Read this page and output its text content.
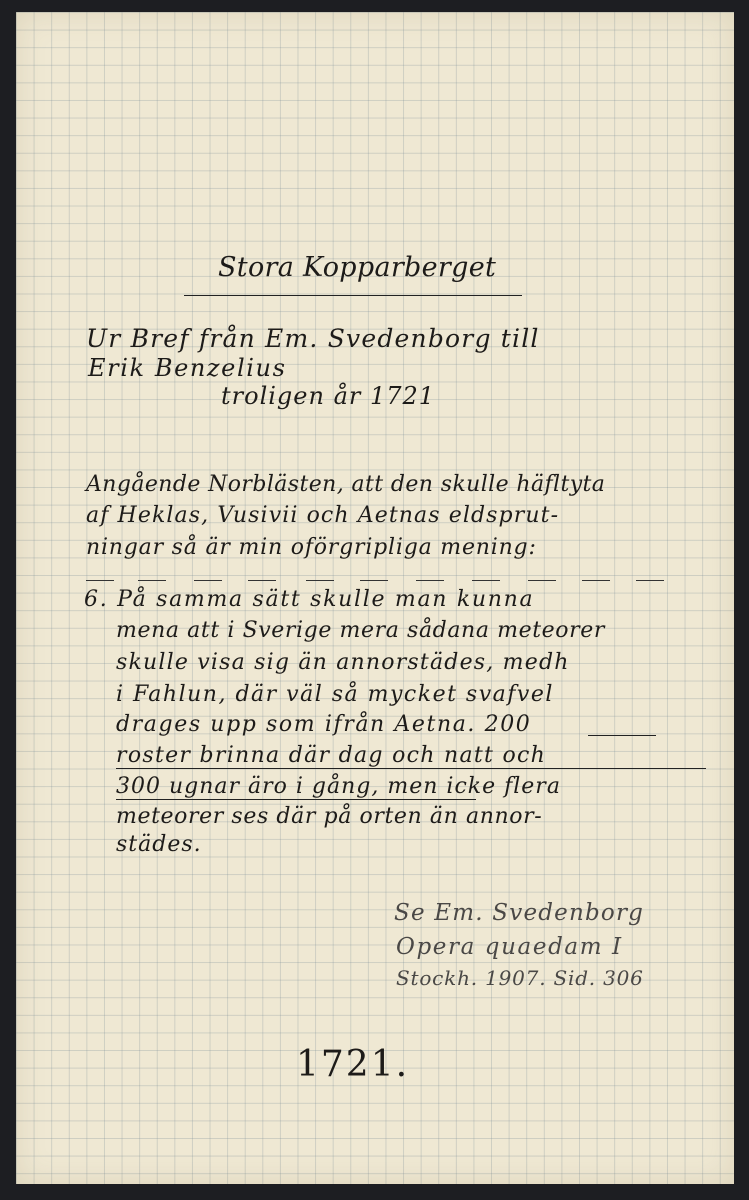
Stora Kopparberget

Ur Bref från Em. Svedenborg till

Erik Benzelius

troligen år 1721

Angående Norblästen, att den skulle häfltyta

af Heklas, Vusivii och Aetnas eldsprut-

ningar så är min oförgripliga mening:

6. På samma sätt skulle man kunna

mena att i Sverige mera sådana meteorer

skulle visa sig än annorstädes, medh

i Fahlun, där väl så mycket svafvel

drages upp som ifrån Aetna. 200

roster brinna där dag och natt och

300 ugnar äro i gång, men icke flera

meteorer ses där på orten än annor-

städes.

Se Em. Svedenborg

Opera quaedam I

Stockh. 1907. Sid. 306

1721.
